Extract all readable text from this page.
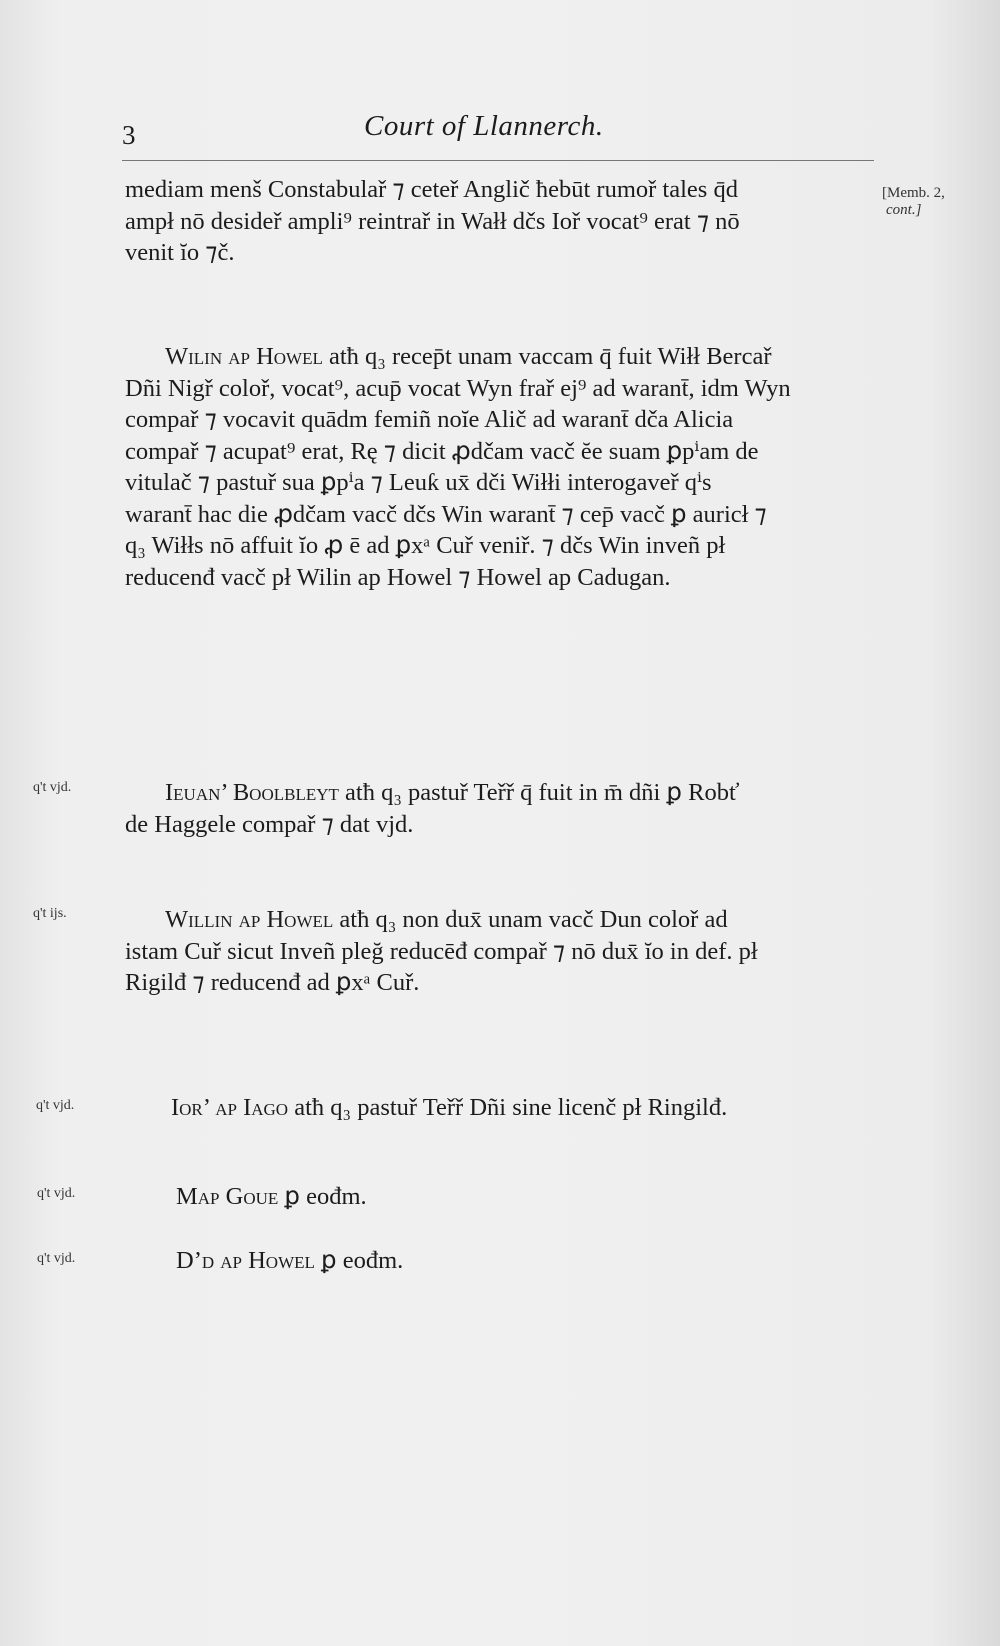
3	Court of Llannerch.
[Memb. 2,
cont.]
mediam menš Constabulař ⁊ ceteř Anglič ħebūt rumoř tales q̄d
ampł nō desideř ampli⁹ reintrař in Wałł dčs Ioř vocat⁹ erat ⁊ nō
venit ĭo ⁊č.
Wilin ap Howel atħ q₃ recep̄t unam vaccam q̄ fuit Wiłł Bercař
Dñi Nigř coloř, vocat⁹, acup̄ vocat Wyn frař ej⁹ ad warant̄, idm Wyn
compař ⁊ vocavit quādm femiñ noĭe Alič ad warant̄ dča Alicia
compař ⁊ acupat⁹ erat, Rę ⁊ dicit ꝓdčam vacč ĕe suam ꝑpⁱam de
vitulač ⁊ pastuř sua ꝑpⁱa ⁊ Leuƙ ux̄ dči Wiłłi interogaveř qⁱs
warant̄ hac die ꝓdčam vacč dčs Win warant̄ ⁊ cep̄ vacč ꝑ auricł ⁊
q₃ Wiłłs nō affuit ĭo ꝓ ē ad ꝑxᵃ Cuř veniř. ⁊ dčs Win inveñ pł
reducenđ vacč pł Wilin ap Howel ⁊ Howel ap Cadugan.
q't vjd.	Ieuan’ Boolbleyt atħ q₃ pastuř Teřř q̄ fuit in m̄ dñi ꝑ Robť
de Haggele compař ⁊ dat vjd.
q't ijs.	Willin ap Howel atħ q₃ non dux̄ unam vacč Dun coloř ad
istam Cuř sicut Inveñ pleğ reducēđ compař ⁊ nō dux̄ ĭo in def. pł
Rigilđ ⁊ reducenđ ad ꝑxᵃ Cuř.
q't vjd.	Ior’ ap Iago atħ q₃ pastuř Teřř Dñi sine licenč pł Ringilđ.
q't vjd.	Map Goue ꝑ eođm.
q't vjd.	D’d ap Howel ꝑ eođm.
